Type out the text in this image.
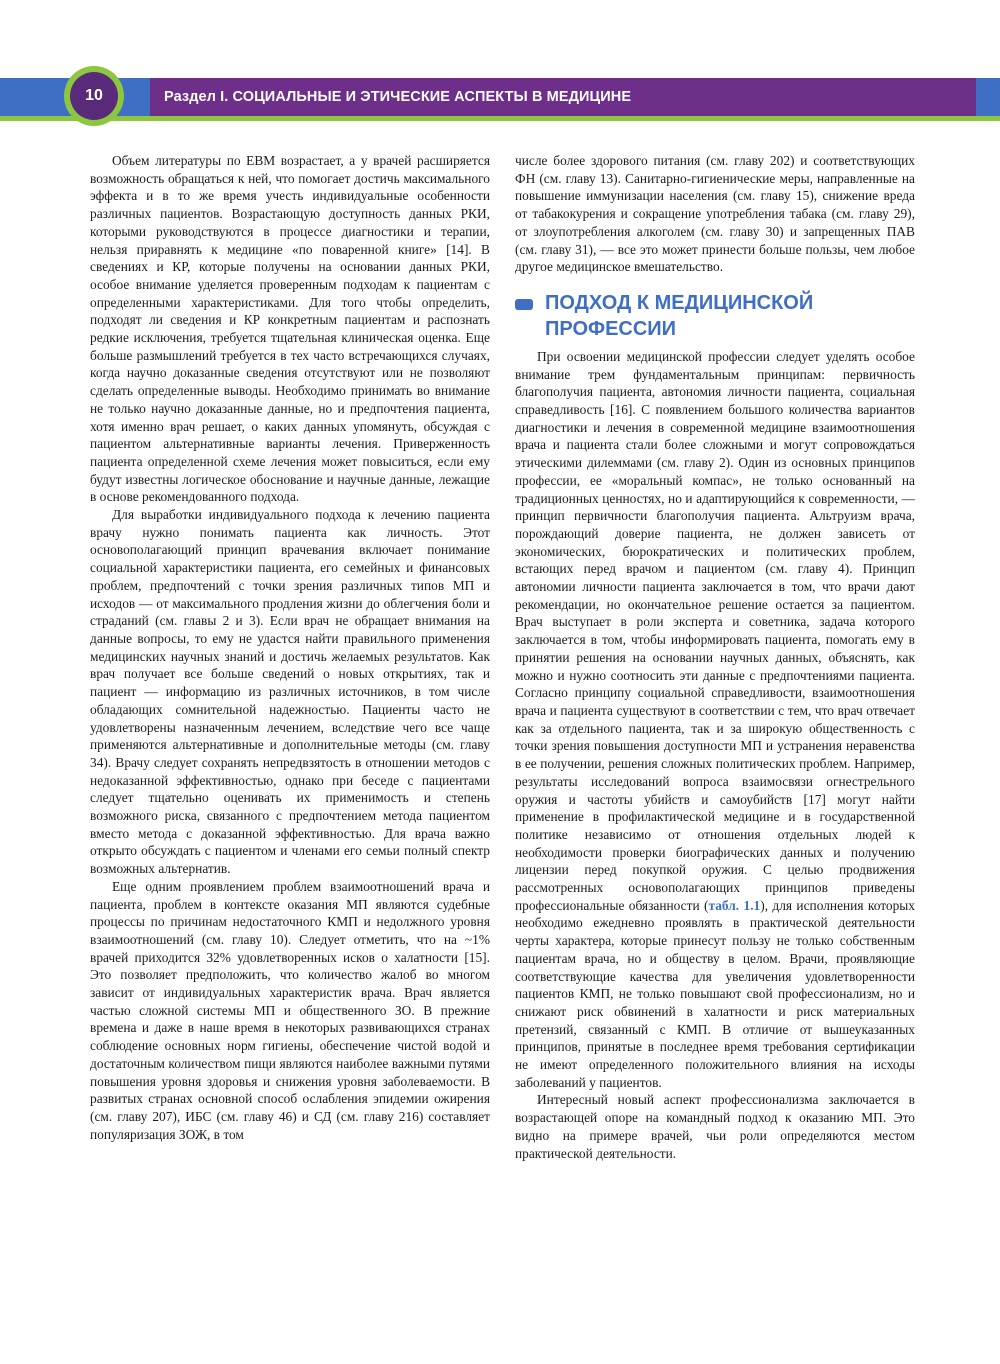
10	Раздел I. СОЦИАЛЬНЫЕ И ЭТИЧЕСКИЕ АСПЕКТЫ В МЕДИЦИНЕ

Объем литературы по ЕВМ возрастает, а у врачей расширяется возможность обращаться к ней, что помогает достичь максимального эффекта и в то же время учесть индивидуальные особенности различных пациентов. Возрастающую доступность данных РКИ, которыми руководствуются в процессе диагностики и терапии, нельзя приравнять к медицине «по поваренной книге» [14]. В сведениях и КР, которые получены на основании данных РКИ, особое внимание уделяется проверенным подходам к пациентам с определенными характеристиками. Для того чтобы определить, подходят ли сведения и КР конкретным пациентам и распознать редкие исключения, требуется тщательная клиническая оценка. Еще больше размышлений требуется в тех часто встречающихся случаях, когда научно доказанные сведения отсутствуют или не позволяют сделать определенные выводы. Необходимо принимать во внимание не только научно доказанные данные, но и предпочтения пациента, хотя именно врач решает, о каких данных упомянуть, обсуждая с пациентом альтернативные варианты лечения. Приверженность пациента определенной схеме лечения может повыситься, если ему будут известны логическое обоснование и научные данные, лежащие в основе рекомендованного подхода.

Для выработки индивидуального подхода к лечению пациента врачу нужно понимать пациента как личность. Этот основополагающий принцип врачевания включает понимание социальной характеристики пациента, его семейных и финансовых проблем, предпочтений с точки зрения различных типов МП и исходов — от максимального продления жизни до облегчения боли и страданий (см. главы 2 и 3). Если врач не обращает внимания на данные вопросы, то ему не удастся найти правильного применения медицинских научных знаний и достичь желаемых результатов. Как врач получает все больше сведений о новых открытиях, так и пациент — информацию из различных источников, в том числе обладающих сомнительной надежностью. Пациенты часто не удовлетворены назначенным лечением, вследствие чего все чаще применяются альтернативные и дополнительные методы (см. главу 34). Врачу следует сохранять непредвзятость в отношении методов с недоказанной эффективностью, однако при беседе с пациентами следует тщательно оценивать их применимость и степень возможного риска, связанного с предпочтением метода пациентом вместо метода с доказанной эффективностью. Для врача важно открыто обсуждать с пациентом и членами его семьи полный спектр возможных альтернатив.

Еще одним проявлением проблем взаимоотношений врача и пациента, проблем в контексте оказания МП являются судебные процессы по причинам недостаточного КМП и недолжного уровня взаимоотношений (см. главу 10). Следует отметить, что на ~1% врачей приходится 32% удовлетворенных исков о халатности [15]. Это позволяет предположить, что количество жалоб во многом зависит от индивидуальных характеристик врача. Врач является частью сложной системы МП и общественного ЗО. В прежние времена и даже в наше время в некоторых развивающихся странах соблюдение основных норм гигиены, обеспечение чистой водой и достаточным количеством пищи являются наиболее важными путями повышения уровня здоровья и снижения уровня заболеваемости. В развитых странах основной способ ослабления эпидемии ожирения (см. главу 207), ИБС (см. главу 46) и СД (см. главу 216) составляет популяризация ЗОЖ, в том

числе более здорового питания (см. главу 202) и соответствующих ФН (см. главу 13). Санитарно-гигиенические меры, направленные на повышение иммунизации населения (см. главу 15), снижение вреда от табакокурения и сокращение употребления табака (см. главу 29), от злоупотребления алкоголем (см. главу 30) и запрещенных ПАВ (см. главу 31), — все это может принести больше пользы, чем любое другое медицинское вмешательство.

ПОДХОД К МЕДИЦИНСКОЙ ПРОФЕССИИ

При освоении медицинской профессии следует уделять особое внимание трем фундаментальным принципам: первичность благополучия пациента, автономия личности пациента, социальная справедливость [16]. С появлением большого количества вариантов диагностики и лечения в современной медицине взаимоотношения врача и пациента стали более сложными и могут сопровождаться этическими дилеммами (см. главу 2). Один из основных принципов профессии, ее «моральный компас», не только основанный на традиционных ценностях, но и адаптирующийся к современности, — принцип первичности благополучия пациента. Альтруизм врача, порождающий доверие пациента, не должен зависеть от экономических, бюрократических и политических проблем, встающих перед врачом и пациентом (см. главу 4). Принцип автономии личности пациента заключается в том, что врачи дают рекомендации, но окончательное решение остается за пациентом. Врач выступает в роли эксперта и советника, задача которого заключается в том, чтобы информировать пациента, помогать ему в принятии решения на основании научных данных, объяснять, как можно и нужно соотносить эти данные с предпочтениями пациента. Согласно принципу социальной справедливости, взаимоотношения врача и пациента существуют в соответствии с тем, что врач отвечает как за отдельного пациента, так и за широкую общественность с точки зрения повышения доступности МП и устранения неравенства в ее получении, решения сложных политических проблем. Например, результаты исследований вопроса взаимосвязи огнестрельного оружия и частоты убийств и самоубийств [17] могут найти применение в профилактической медицине и в государственной политике независимо от отношения отдельных людей к необходимости проверки биографических данных и получению лицензии перед покупкой оружия. С целью продвижения рассмотренных основополагающих принципов приведены профессиональные обязанности (табл. 1.1), для исполнения которых необходимо ежедневно проявлять в практической деятельности черты характера, которые принесут пользу не только собственным пациентам врача, но и обществу в целом. Врачи, проявляющие соответствующие качества для увеличения удовлетворенности пациентов КМП, не только повышают свой профессионализм, но и снижают риск обвинений в халатности и риск материальных претензий, связанный с КМП. В отличие от вышеуказанных принципов, принятые в последнее время требования сертификации не имеют определенного положительного влияния на исходы заболеваний у пациентов.

Интересный новый аспект профессионализма заключается в возрастающей опоре на командный подход к оказанию МП. Это видно на примере врачей, чьи роли определяются местом практической деятельности.
